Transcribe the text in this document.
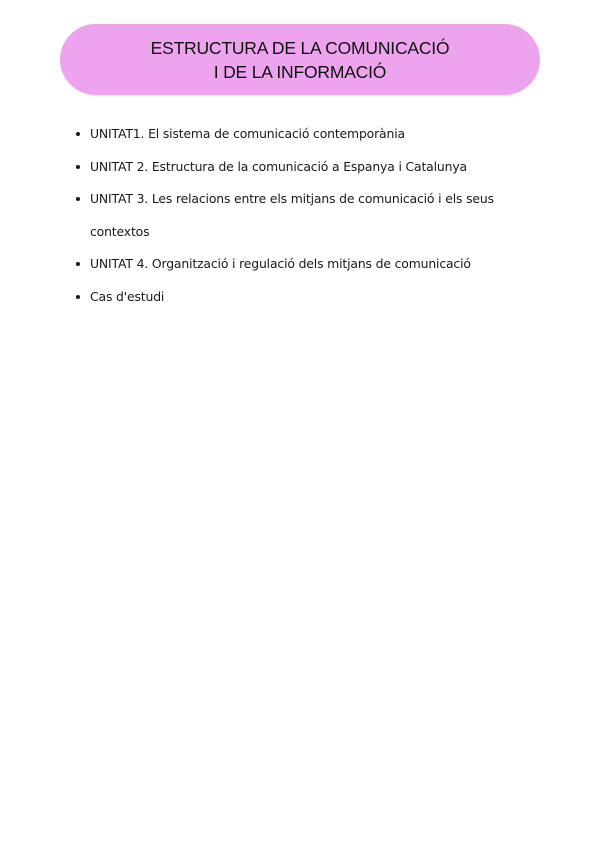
ESTRUCTURA DE LA COMUNICACIÓ
I DE LA INFORMACIÓ
UNITAT1. El sistema de comunicació contemporània
UNITAT 2. Estructura de la comunicació a Espanya i Catalunya
UNITAT 3. Les relacions entre els mitjans de comunicació i els seus contextos
UNITAT 4. Organització i regulació dels mitjans de comunicació
Cas d'estudi
